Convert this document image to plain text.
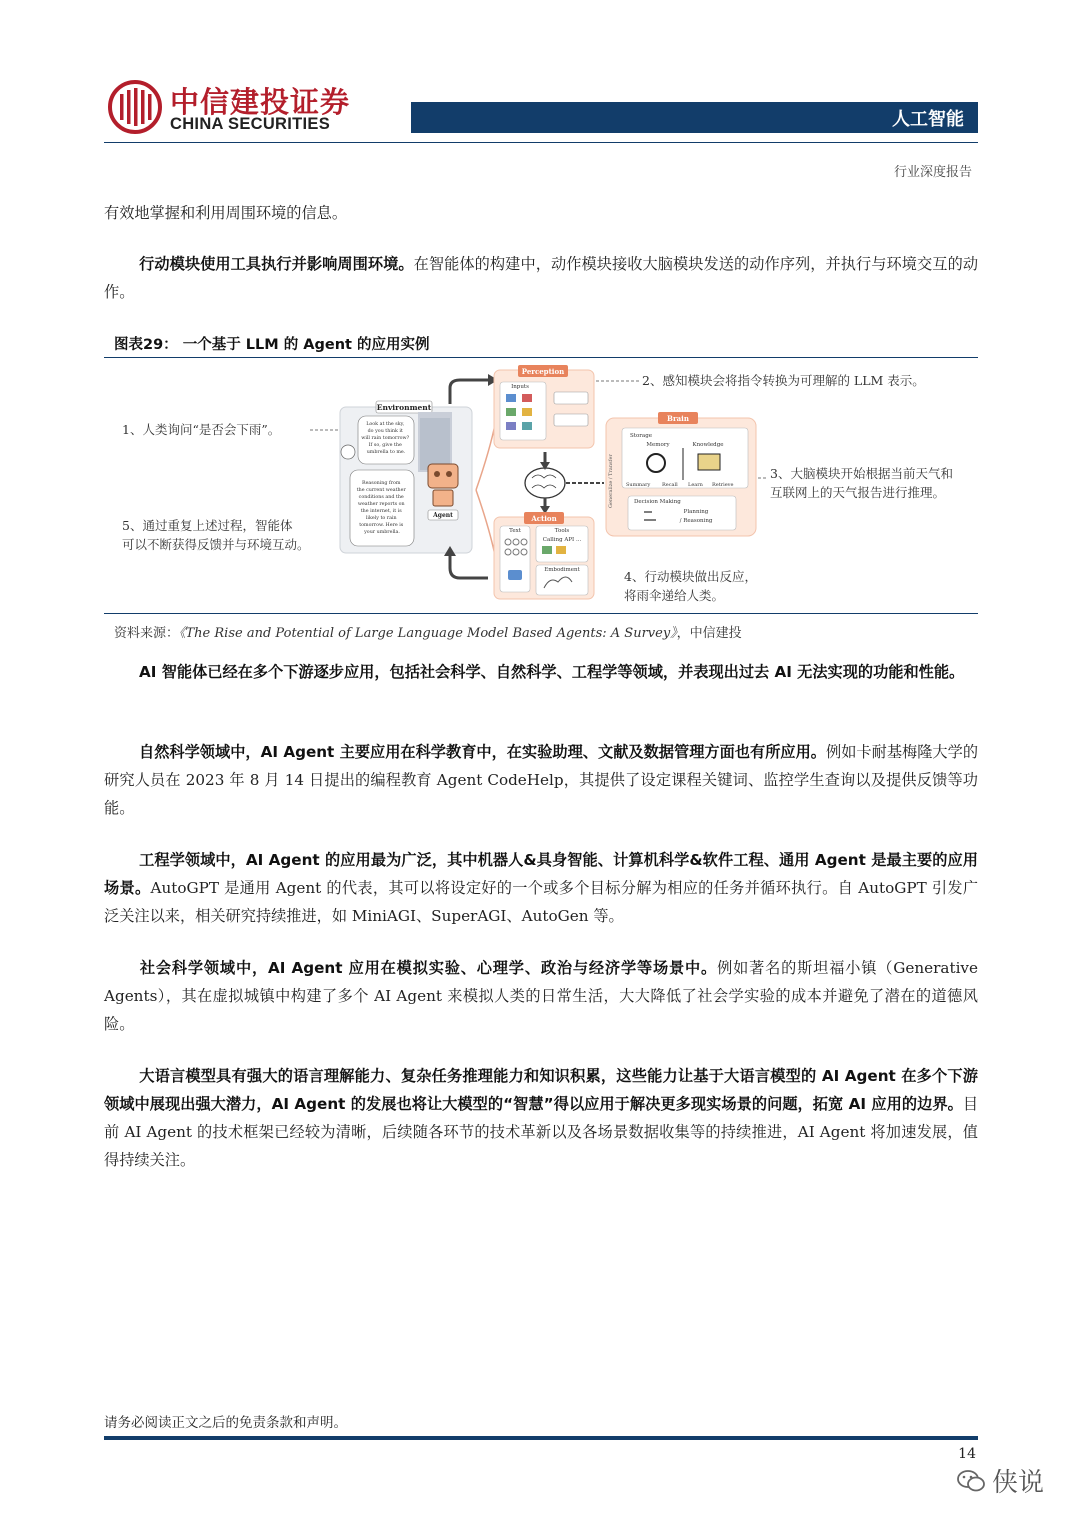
中信建投证券
CHINA SECURITIES	人工智能
行业深度报告
有效地掌握和利用周围环境的信息。
行动模块使用工具执行并影响周围环境。在智能体的构建中，动作模块接收大脑模块发送的动作序列，并执行与环境交互的动作。
图表29： 一个基于 LLM 的 Agent 的应用实例
1、人类询问“是否会下雨”。
5、通过重复上述过程，智能体
可以不断获得反馈并与环境互动。
2、感知模块会将指令转换为可理解的 LLM 表示。
3、大脑模块开始根据当前天气和
互联网上的天气报告进行推理。
4、行动模块做出反应，
将雨伞递给人类。
Environment
Look at the sky, do you think it will rain tomorrow? If so, give the umbrella to me.
Reasoning from the current weather conditions and the weather reports on the internet, it is likely to rain tomorrow. Here is your umbrella.
Agent
Perception
Inputs
Action
Text	Tools
Calling API ...
Embodiment
Brain
Generalize / Transfer
Storage
Memory	Knowledge
Summary Recall Learn Retrieve
Decision Making
Planning
/ Reasoning
资料来源：《The Rise and Potential of Large Language Model Based Agents: A Survey》，中信建投
AI 智能体已经在多个下游逐步应用，包括社会科学、自然科学、工程学等领域，并表现出过去 AI 无法实现的功能和性能。
自然科学领域中，AI Agent 主要应用在科学教育中，在实验助理、文献及数据管理方面也有所应用。例如卡耐基梅隆大学的研究人员在 2023 年 8 月 14 日提出的编程教育 Agent CodeHelp，其提供了设定课程关键词、监控学生查询以及提供反馈等功能。
工程学领域中，AI Agent 的应用最为广泛，其中机器人&具身智能、计算机科学&软件工程、通用 Agent 是最主要的应用场景。AutoGPT 是通用 Agent 的代表，其可以将设定好的一个或多个目标分解为相应的任务并循环执行。自 AutoGPT 引发广泛关注以来，相关研究持续推进，如 MiniAGI、SuperAGI、AutoGen 等。
社会科学领域中，AI Agent 应用在模拟实验、心理学、政治与经济学等场景中。例如著名的斯坦福小镇（Generative Agents），其在虚拟城镇中构建了多个 AI Agent 来模拟人类的日常生活，大大降低了社会学实验的成本并避免了潜在的道德风险。
大语言模型具有强大的语言理解能力、复杂任务推理能力和知识积累，这些能力让基于大语言模型的 AI Agent 在多个下游领域中展现出强大潜力，AI Agent 的发展也将让大模型的“智慧”得以应用于解决更多现实场景的问题，拓宽 AI 应用的边界。目前 AI Agent 的技术框架已经较为清晰，后续随各环节的技术革新以及各场景数据收集等的持续推进，AI Agent 将加速发展，值得持续关注。
请务必阅读正文之后的免责条款和声明。
14
侠说
